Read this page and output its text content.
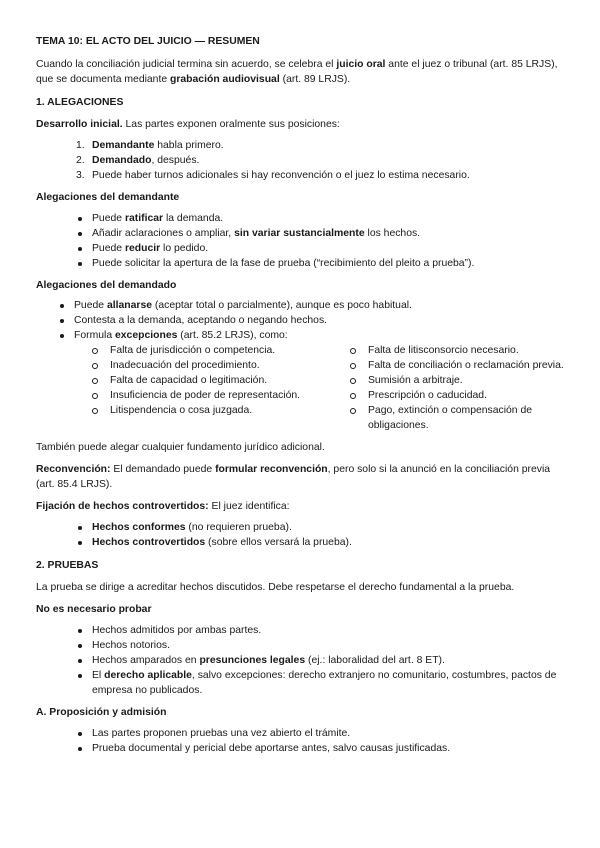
TEMA 10: EL ACTO DEL JUICIO — RESUMEN

Cuando la conciliación judicial termina sin acuerdo, se celebra el juicio oral ante el juez o tribunal (art. 85 LRJS), que se documenta mediante grabación audiovisual (art. 89 LRJS).

1. ALEGACIONES

Desarrollo inicial. Las partes exponen oralmente sus posiciones:

1. Demandante habla primero.
2. Demandado, después.
3. Puede haber turnos adicionales si hay reconvención o el juez lo estima necesario.

Alegaciones del demandante

Puede ratificar la demanda.
Añadir aclaraciones o ampliar, sin variar sustancialmente los hechos.
Puede reducir lo pedido.
Puede solicitar la apertura de la fase de prueba (“recibimiento del pleito a prueba”).

Alegaciones del demandado

Puede allanarse (aceptar total o parcialmente), aunque es poco habitual.
Contesta a la demanda, aceptando o negando hechos.
Formula excepciones (art. 85.2 LRJS), como:
Falta de jurisdicción o competencia.
Inadecuación del procedimiento.
Falta de capacidad o legitimación.
Insuficiencia de poder de representación.
Litispendencia o cosa juzgada.
Falta de litisconsorcio necesario.
Falta de conciliación o reclamación previa.
Sumisión a arbitraje.
Prescripción o caducidad.
Pago, extinción o compensación de obligaciones.

También puede alegar cualquier fundamento jurídico adicional.

Reconvención: El demandado puede formular reconvención, pero solo si la anunció en la conciliación previa (art. 85.4 LRJS).

Fijación de hechos controvertidos: El juez identifica:

Hechos conformes (no requieren prueba).
Hechos controvertidos (sobre ellos versará la prueba).

2. PRUEBAS

La prueba se dirige a acreditar hechos discutidos. Debe respetarse el derecho fundamental a la prueba.

No es necesario probar

Hechos admitidos por ambas partes.
Hechos notorios.
Hechos amparados en presunciones legales (ej.: laboralidad del art. 8 ET).
El derecho aplicable, salvo excepciones: derecho extranjero no comunitario, costumbres, pactos de empresa no publicados.

A. Proposición y admisión

Las partes proponen pruebas una vez abierto el trámite.
Prueba documental y pericial debe aportarse antes, salvo causas justificadas.
